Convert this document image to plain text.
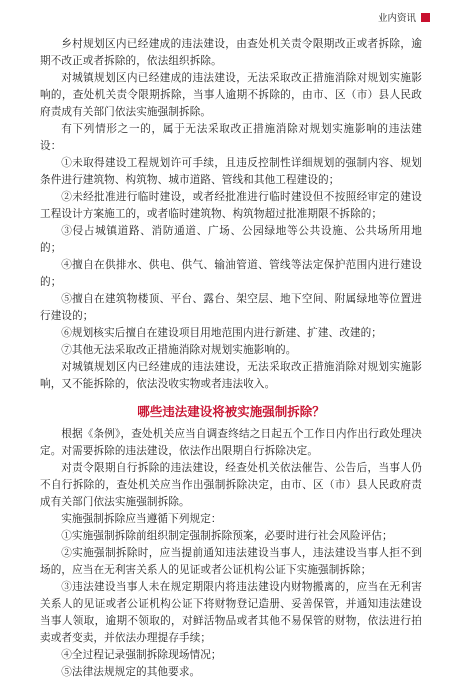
业内资讯

乡村规划区内已经建成的违法建设，由查处机关责令限期改正或者拆除，逾期不改正或者拆除的，依法组织拆除。

对城镇规划区内已经建成的违法建设，无法采取改正措施消除对规划实施影响的，查处机关责令限期拆除，当事人逾期不拆除的，由市、区（市）县人民政府责成有关部门依法实施强制拆除。

有下列情形之一的，属于无法采取改正措施消除对规划实施影响的违法建设：

①未取得建设工程规划许可手续，且违反控制性详细规划的强制内容、规划条件进行建筑物、构筑物、城市道路、管线和其他工程建设的；

②未经批准进行临时建设，或者经批准进行临时建设但不按照经审定的建设工程设计方案施工的，或者临时建筑物、构筑物超过批准期限不拆除的；

③侵占城镇道路、消防通道、广场、公园绿地等公共设施、公共场所用地的；

④擅自在供排水、供电、供气、输油管道、管线等法定保护范围内进行建设的；

⑤擅自在建筑物楼顶、平台、露台、架空层、地下空间、附属绿地等位置进行建设的；

⑥规划核实后擅自在建设项目用地范围内进行新建、扩建、改建的；

⑦其他无法采取改正措施消除对规划实施影响的。

对城镇规划区内已经建成的违法建设，无法采取改正措施消除对规划实施影响，又不能拆除的，依法没收实物或者违法收入。

哪些违法建设将被实施强制拆除？

根据《条例》，查处机关应当自调查终结之日起五个工作日内作出行政处理决定。对需要拆除的违法建设，依法作出限期自行拆除决定。

对责令限期自行拆除的违法建设，经查处机关依法催告、公告后，当事人仍不自行拆除的，查处机关应当作出强制拆除决定，由市、区（市）县人民政府责成有关部门依法实施强制拆除。

实施强制拆除应当遵循下列规定：

①实施强制拆除前组织制定强制拆除预案，必要时进行社会风险评估；

②实施强制拆除时，应当提前通知违法建设当事人，违法建设当事人拒不到场的，应当在无利害关系人的见证或者公证机构公证下实施强制拆除；

③违法建设当事人未在规定期限内将违法建设内财物搬离的，应当在无利害关系人的见证或者公证机构公证下将财物登记造册、妥善保管，并通知违法建设当事人领取，逾期不领取的，对鲜活物品或者其他不易保管的财物，依法进行拍卖或者变卖，并依法办理提存手续；

④全过程记录强制拆除现场情况；

⑤法律法规规定的其他要求。
